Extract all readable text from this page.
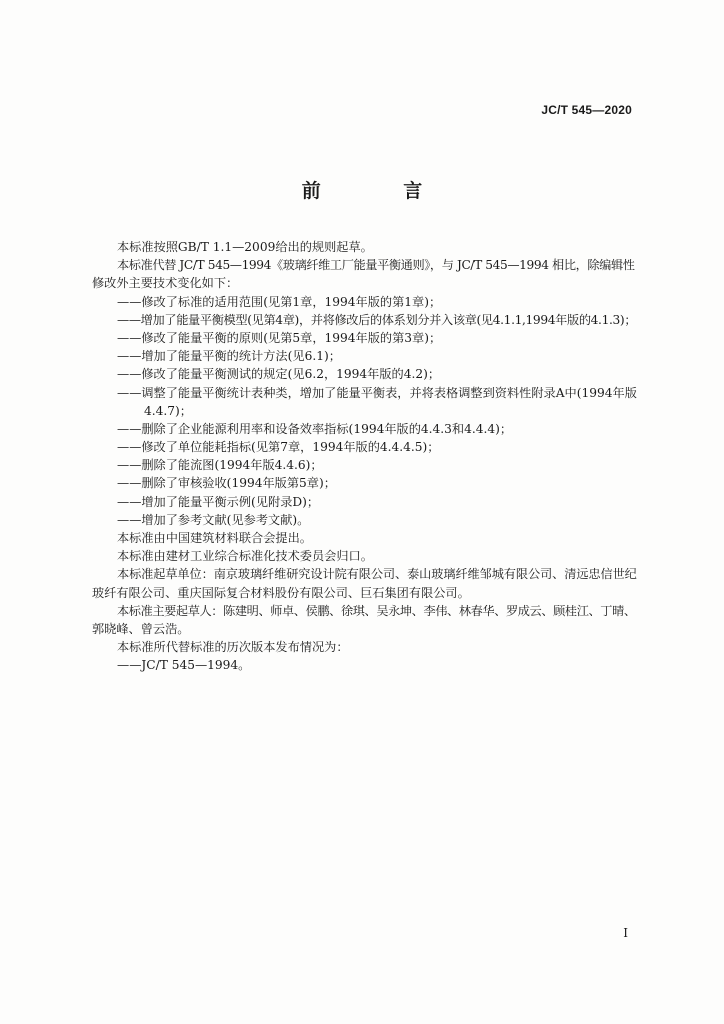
JC/T 545—2020
前 言
本标准按照GB/T 1.1—2009给出的规则起草。
本标准代替 JC/T 545—1994《玻璃纤维工厂能量平衡通则》，与 JC/T 545—1994 相比，除编辑性
修改外主要技术变化如下：
——修改了标准的适用范围(见第1章，1994年版的第1章)；
——增加了能量平衡模型(见第4章)，并将修改后的体系划分并入该章(见4.1.1,1994年版的4.1.3)；
——修改了能量平衡的原则(见第5章，1994年版的第3章)；
——增加了能量平衡的统计方法(见6.1)；
——修改了能量平衡测试的规定(见6.2，1994年版的4.2)；
——调整了能量平衡统计表种类，增加了能量平衡表，并将表格调整到资料性附录A中(1994年版
4.4.7)；
——删除了企业能源利用率和设备效率指标(1994年版的4.4.3和4.4.4)；
——修改了单位能耗指标(见第7章，1994年版的4.4.4.5)；
——删除了能流图(1994年版4.4.6)；
——删除了审核验收(1994年版第5章)；
——增加了能量平衡示例(见附录D)；
——增加了参考文献(见参考文献)。
本标准由中国建筑材料联合会提出。
本标准由建材工业综合标准化技术委员会归口。
本标准起草单位：南京玻璃纤维研究设计院有限公司、泰山玻璃纤维邹城有限公司、清远忠信世纪
玻纤有限公司、重庆国际复合材料股份有限公司、巨石集团有限公司。
本标准主要起草人：陈建明、师卓、侯鹏、徐琪、吴永坤、李伟、林春华、罗成云、顾桂江、丁晴、
郭晓峰、曾云浩。
本标准所代替标准的历次版本发布情况为：
——JC/T 545—1994。
I
